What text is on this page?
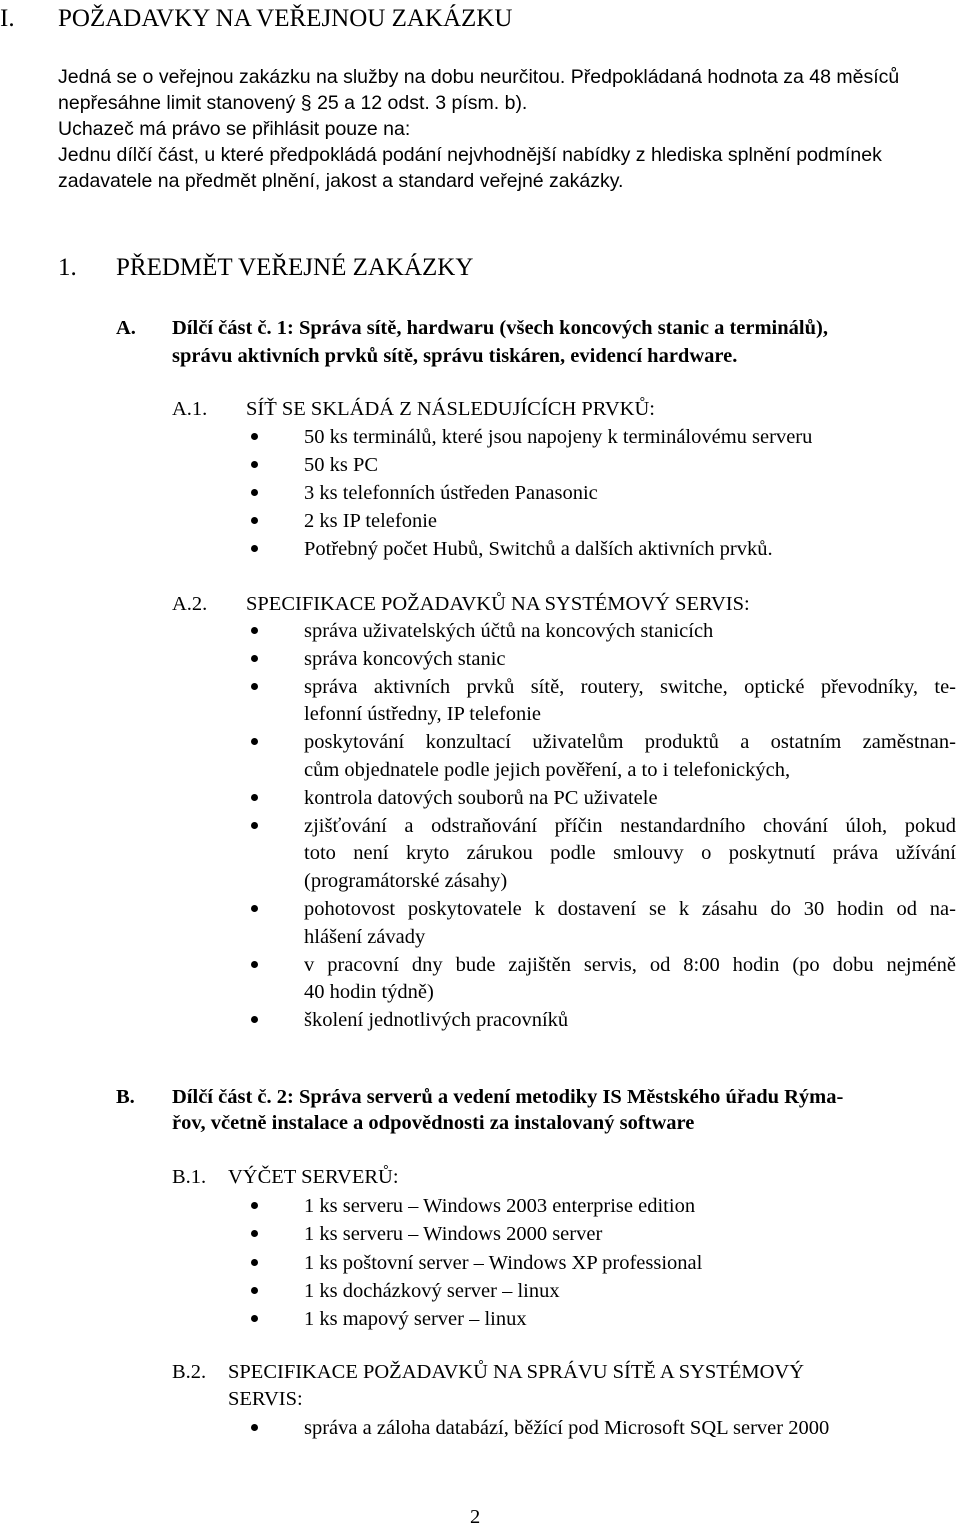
I. POŽADAVKY NA VEŘEJNOU ZAKÁZKU
Jedná se o veřejnou zakázku na služby na dobu neurčitou. Předpokládaná hodnota za 48 měsíců
nepřesáhne limit stanovený § 25 a 12 odst. 3 písm. b).
Uchazeč má právo se přihlásit pouze na:
Jednu dílčí část, u které předpokládá podání nejvhodnější nabídky z hlediska splnění podmínek
zadavatele na předmět plnění, jakost a standard veřejné zakázky.
1. PŘEDMĚT VEŘEJNÉ ZAKÁZKY
A. Dílčí část č. 1: Správa sítě, hardwaru (všech koncových stanic a terminálů),
správu aktivních prvků sítě, správu tiskáren, evidencí hardware.
A.1. SÍŤ SE SKLÁDÁ Z NÁSLEDUJÍCÍCH PRVKŮ:
50 ks terminálů, které jsou napojeny k terminálovému serveru
50 ks PC
3 ks telefonních ústředen Panasonic
2 ks IP telefonie
Potřebný počet Hubů, Switchů a dalších aktivních prvků.
A.2. SPECIFIKACE POŽADAVKŮ NA SYSTÉMOVÝ SERVIS:
správa uživatelských účtů na koncových stanicích
správa koncových stanic
správa aktivních prvků sítě, routery, switche, optické převodníky, te-
lefonní ústředny, IP telefonie
poskytování konzultací uživatelům produktů a ostatním zaměstnan-
cům objednatele podle jejich pověření, a to i telefonických,
kontrola datových souborů na PC uživatele
zjišťování a odstraňování příčin nestandardního chování úloh, pokud
toto není kryto zárukou podle smlouvy o poskytnutí práva užívání
(programátorské zásahy)
pohotovost poskytovatele k dostavení se k zásahu do 30 hodin od na-
hlášení závady
v pracovní dny bude zajištěn servis, od 8:00 hodin (po dobu nejméně
40 hodin týdně)
školení jednotlivých pracovníků
B. Dílčí část č. 2: Správa serverů a vedení metodiky IS Městského úřadu Rýma-
řov, včetně instalace a odpovědnosti za instalovaný software
B.1. VÝČET SERVERŮ:
1 ks serveru – Windows 2003 enterprise edition
1 ks serveru – Windows 2000 server
1 ks poštovní server – Windows XP professional
1 ks docházkový server – linux
1 ks mapový server – linux
B.2. SPECIFIKACE POŽADAVKŮ NA SPRÁVU SÍTĚ A SYSTÉMOVÝ
SERVIS:
správa a záloha databází, běžící pod Microsoft SQL server 2000
2
